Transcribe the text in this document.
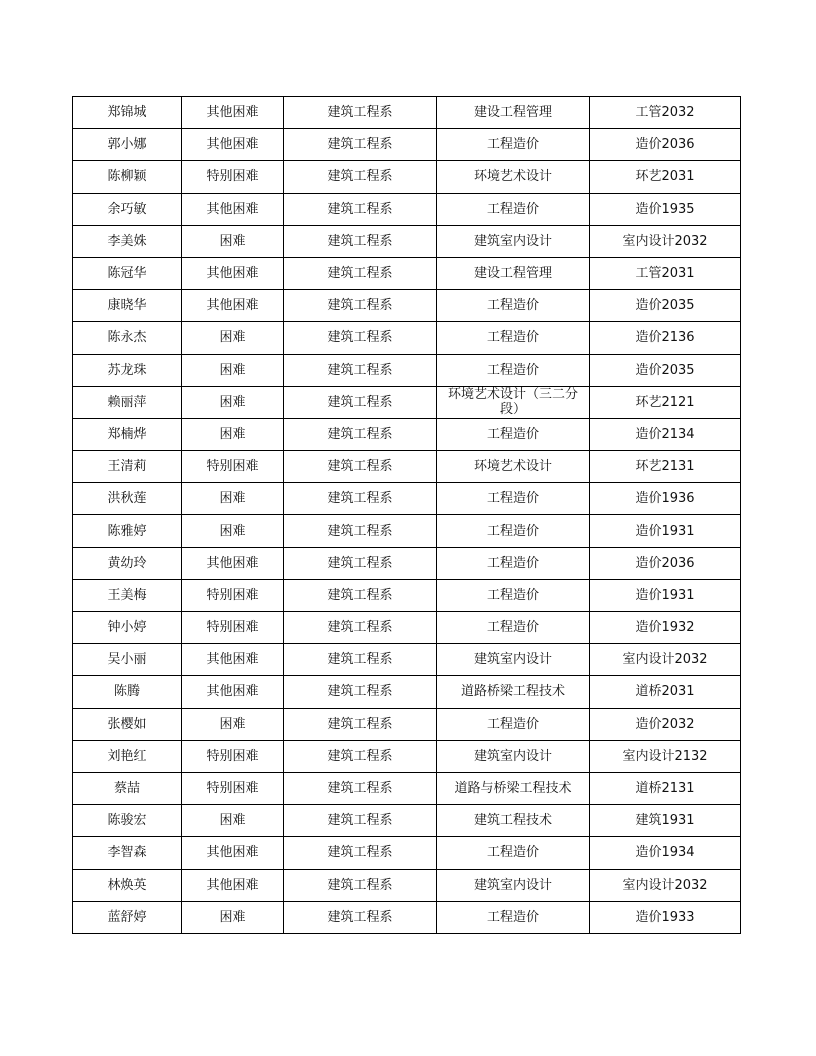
郑锦城	其他困难	建筑工程系	建设工程管理	工管2032
郭小娜	其他困难	建筑工程系	工程造价	造价2036
陈柳颖	特别困难	建筑工程系	环境艺术设计	环艺2031
余巧敏	其他困难	建筑工程系	工程造价	造价1935
李美姝	困难	建筑工程系	建筑室内设计	室内设计2032
陈冠华	其他困难	建筑工程系	建设工程管理	工管2031
康晓华	其他困难	建筑工程系	工程造价	造价2035
陈永杰	困难	建筑工程系	工程造价	造价2136
苏龙珠	困难	建筑工程系	工程造价	造价2035
赖丽萍	困难	建筑工程系	环境艺术设计（三二分段）	环艺2121
郑楠烨	困难	建筑工程系	工程造价	造价2134
王清莉	特别困难	建筑工程系	环境艺术设计	环艺2131
洪秋莲	困难	建筑工程系	工程造价	造价1936
陈雅婷	困难	建筑工程系	工程造价	造价1931
黄幼玲	其他困难	建筑工程系	工程造价	造价2036
王美梅	特别困难	建筑工程系	工程造价	造价1931
钟小婷	特别困难	建筑工程系	工程造价	造价1932
吴小丽	其他困难	建筑工程系	建筑室内设计	室内设计2032
陈腾	其他困难	建筑工程系	道路桥梁工程技术	道桥2031
张樱如	困难	建筑工程系	工程造价	造价2032
刘艳红	特别困难	建筑工程系	建筑室内设计	室内设计2132
蔡喆	特别困难	建筑工程系	道路与桥梁工程技术	道桥2131
陈骏宏	困难	建筑工程系	建筑工程技术	建筑1931
李智森	其他困难	建筑工程系	工程造价	造价1934
林焕英	其他困难	建筑工程系	建筑室内设计	室内设计2032
蓝舒婷	困难	建筑工程系	工程造价	造价1933
